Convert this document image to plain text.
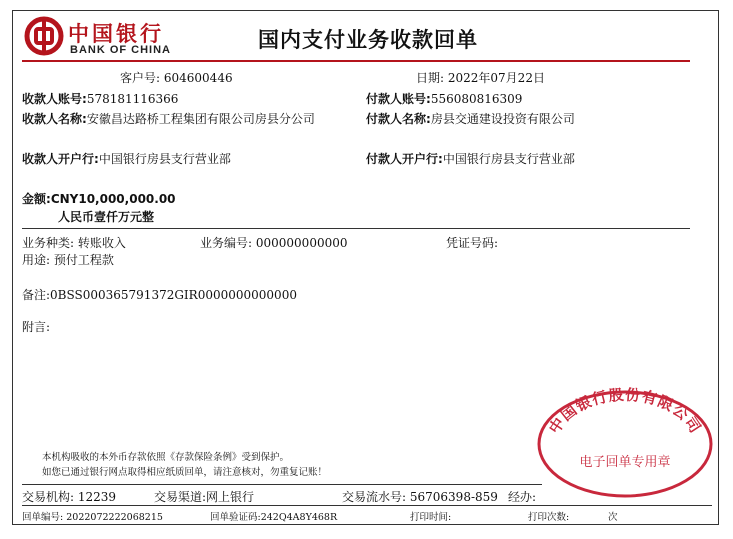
中国银行
BANK OF CHINA	国内支付业务收款回单
客户号: 604600446	日期: 2022年07月22日
收款人账号:578181116366	付款人账号:556080816309
收款人名称:安徽昌达路桥工程集团有限公司房县分公司	付款人名称:房县交通建设投资有限公司
收款人开户行:中国银行房县支行营业部	付款人开户行:中国银行房县支行营业部
金额:CNY10,000,000.00
人民币壹仟万元整
业务种类: 转账收入	业务编号: 000000000000	凭证号码:
用途: 预付工程款
备注:0BSS000365791372GIR0000000000000
附言:
本机构吸收的本外币存款依照《存款保险条例》受到保护。
如您已通过银行网点取得相应纸质回单，请注意核对，勿重复记账！
中国银行股份有限公司
电子回单专用章
交易机构: 12239	交易渠道:网上银行	交易流水号: 56706398-859 经办:
回单编号: 2022072222068215	回单验证码:242Q4A8Y468R	打印时间:	打印次数:	次
